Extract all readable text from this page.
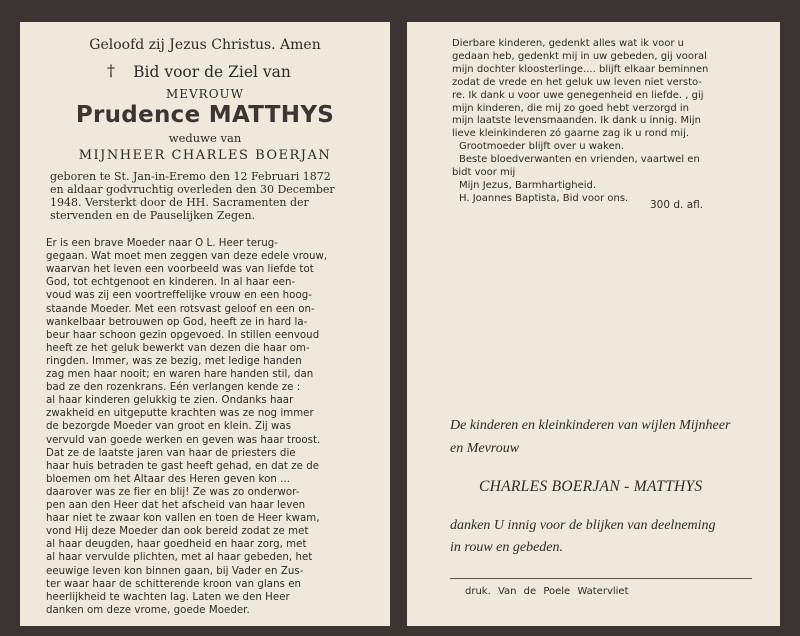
Geloofd zij Jezus Christus. Amen
†	Bid voor de Ziel van
MEVROUW
Prudence MATTHYS
weduwe van
MIJNHEER CHARLES BOERJAN
geboren te St. Jan-in-Eremo den 12 Februari 1872
en aldaar godvruchtig overleden den 30 December
1948. Versterkt door de HH. Sacramenten der
stervenden en de Pauselijken Zegen.
Er is een brave Moeder naar O L. Heer terug-
gegaan. Wat moet men zeggen van deze edele vrouw,
waarvan het leven een voorbeeld was van liefde tot
God, tot echtgenoot en kinderen. In al haar een-
voud was zij een voortreffelijke vrouw en een hoog-
staande Moeder. Met een rotsvast geloof en een on-
wankelbaar betrouwen op God, heeft ze in hard la-
beur haar schoon gezin opgevoed. In stillen eenvoud
heeft ze het geluk bewerkt van dezen die haar om-
ringden. Immer, was ze bezig, met ledige handen
zag men haar nooit; en waren hare handen stil, dan
bad ze den rozenkrans. Eén verlangen kende ze :
al haar kinderen gelukkig te zien. Ondanks haar
zwakheid en uitgeputte krachten was ze nog immer
de bezorgde Moeder van groot en klein. Zij was
vervuld van goede werken en geven was haar troost.
Dat ze de laatste jaren van haar de priesters die
haar huis betraden te gast heeft gehad, en dat ze de
bloemen om het Altaar des Heren geven kon ...
daarover was ze fier en blij! Ze was zo onderwor-
pen aan den Heer dat het afscheid van haar leven
haar niet te zwaar kon vallen en toen de Heer kwam,
vond Hij deze Moeder dan ook bereid zodat ze met
al haar deugden, haar goedheid en haar zorg, met
al haar vervulde plichten, met al haar gebeden, het
eeuwige leven kon binnen gaan, bij Vader en Zus-
ter waar haar de schitterende kroon van glans en
heerlijkheid te wachten lag. Laten we den Heer
danken om deze vrome, goede Moeder.
Dierbare kinderen, gedenkt alles wat ik voor u
gedaan heb, gedenkt mij in uw gebeden, gij vooral
mijn dochter kloosterlinge.... blijft elkaar beminnen
zodat de vrede en het geluk uw leven niet versto-
re. Ik dank u voor uwe genegenheid en liefde. , gij
mijn kinderen, die mij zo goed hebt verzorgd in
mijn laatste levensmaanden. Ik dank u innig. Mijn
lieve kleinkinderen zó gaarne zag ik u rond mij.
Grootmoeder blijft over u waken.
Beste bloedverwanten en vrienden, vaartwel en
bidt voor mij
Mijn Jezus, Barmhartigheid.
H. Joannes Baptista, Bid voor ons.
300 d. afl.
De kinderen en kleinkinderen van wijlen Mijnheer
en Mevrouw
CHARLES BOERJAN - MATTHYS
danken U innig voor de blijken van deelneming
in rouw en gebeden.
druk. Van de Poele Watervliet
